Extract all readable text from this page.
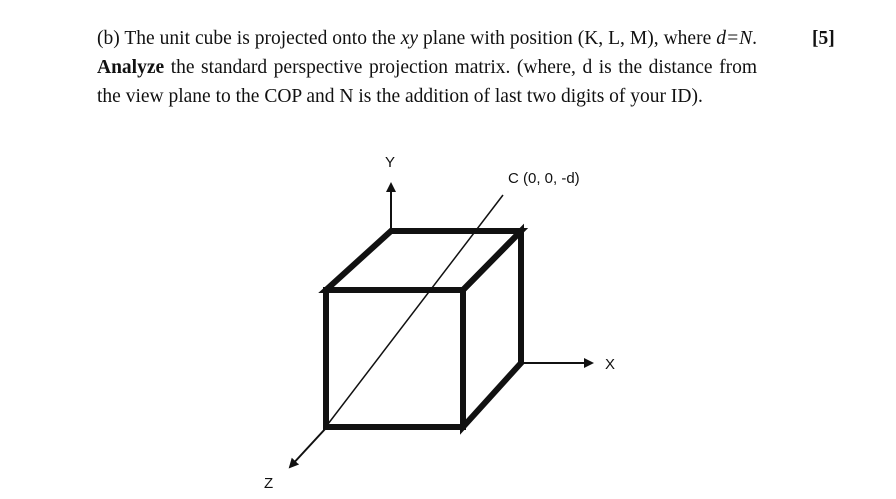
(b) The unit cube is projected onto the xy plane with position (K, L, M), where d=N. Analyze the standard perspective projection matrix. (where, d is the distance from the view plane to the COP and N is the addition of last two digits of your ID).

[5]
Y
X
Z
C (0, 0, -d)
